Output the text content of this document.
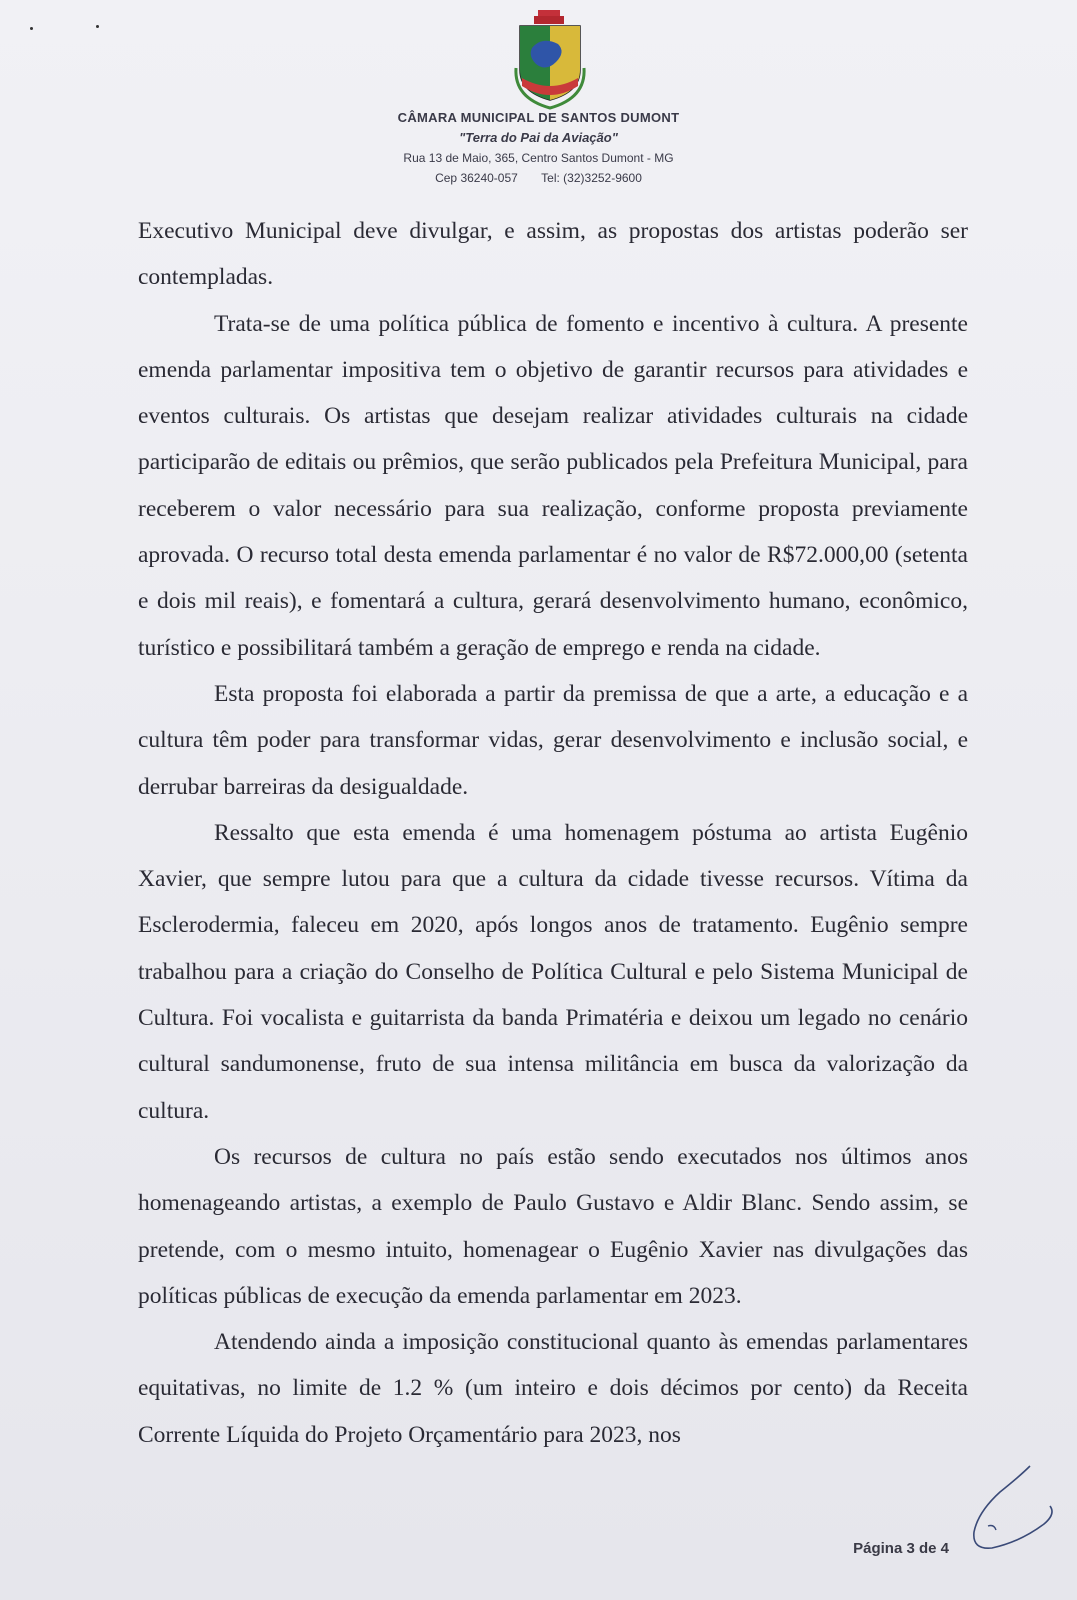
CÂMARA MUNICIPAL DE SANTOS DUMONT
"Terra do Pai da Aviação"
Rua 13 de Maio, 365, Centro Santos Dumont - MG
Cep 36240-057 Tel: (32)3252-9600

Executivo Municipal deve divulgar, e assim, as propostas dos artistas poderão ser contempladas.

Trata-se de uma política pública de fomento e incentivo à cultura. A presente emenda parlamentar impositiva tem o objetivo de garantir recursos para atividades e eventos culturais. Os artistas que desejam realizar atividades culturais na cidade participarão de editais ou prêmios, que serão publicados pela Prefeitura Municipal, para receberem o valor necessário para sua realização, conforme proposta previamente aprovada. O recurso total desta emenda parlamentar é no valor de R$72.000,00 (setenta e dois mil reais), e fomentará a cultura, gerará desenvolvimento humano, econômico, turístico e possibilitará também a geração de emprego e renda na cidade.

Esta proposta foi elaborada a partir da premissa de que a arte, a educação e a cultura têm poder para transformar vidas, gerar desenvolvimento e inclusão social, e derrubar barreiras da desigualdade.

Ressalto que esta emenda é uma homenagem póstuma ao artista Eugênio Xavier, que sempre lutou para que a cultura da cidade tivesse recursos. Vítima da Esclerodermia, faleceu em 2020, após longos anos de tratamento. Eugênio sempre trabalhou para a criação do Conselho de Política Cultural e pelo Sistema Municipal de Cultura. Foi vocalista e guitarrista da banda Primatéria e deixou um legado no cenário cultural sandumonense, fruto de sua intensa militância em busca da valorização da cultura.

Os recursos de cultura no país estão sendo executados nos últimos anos homenageando artistas, a exemplo de Paulo Gustavo e Aldir Blanc. Sendo assim, se pretende, com o mesmo intuito, homenagear o Eugênio Xavier nas divulgações das políticas públicas de execução da emenda parlamentar em 2023.

Atendendo ainda a imposição constitucional quanto às emendas parlamentares equitativas, no limite de 1.2 % (um inteiro e dois décimos por cento) da Receita Corrente Líquida do Projeto Orçamentário para 2023, nos

Página 3 de 4
